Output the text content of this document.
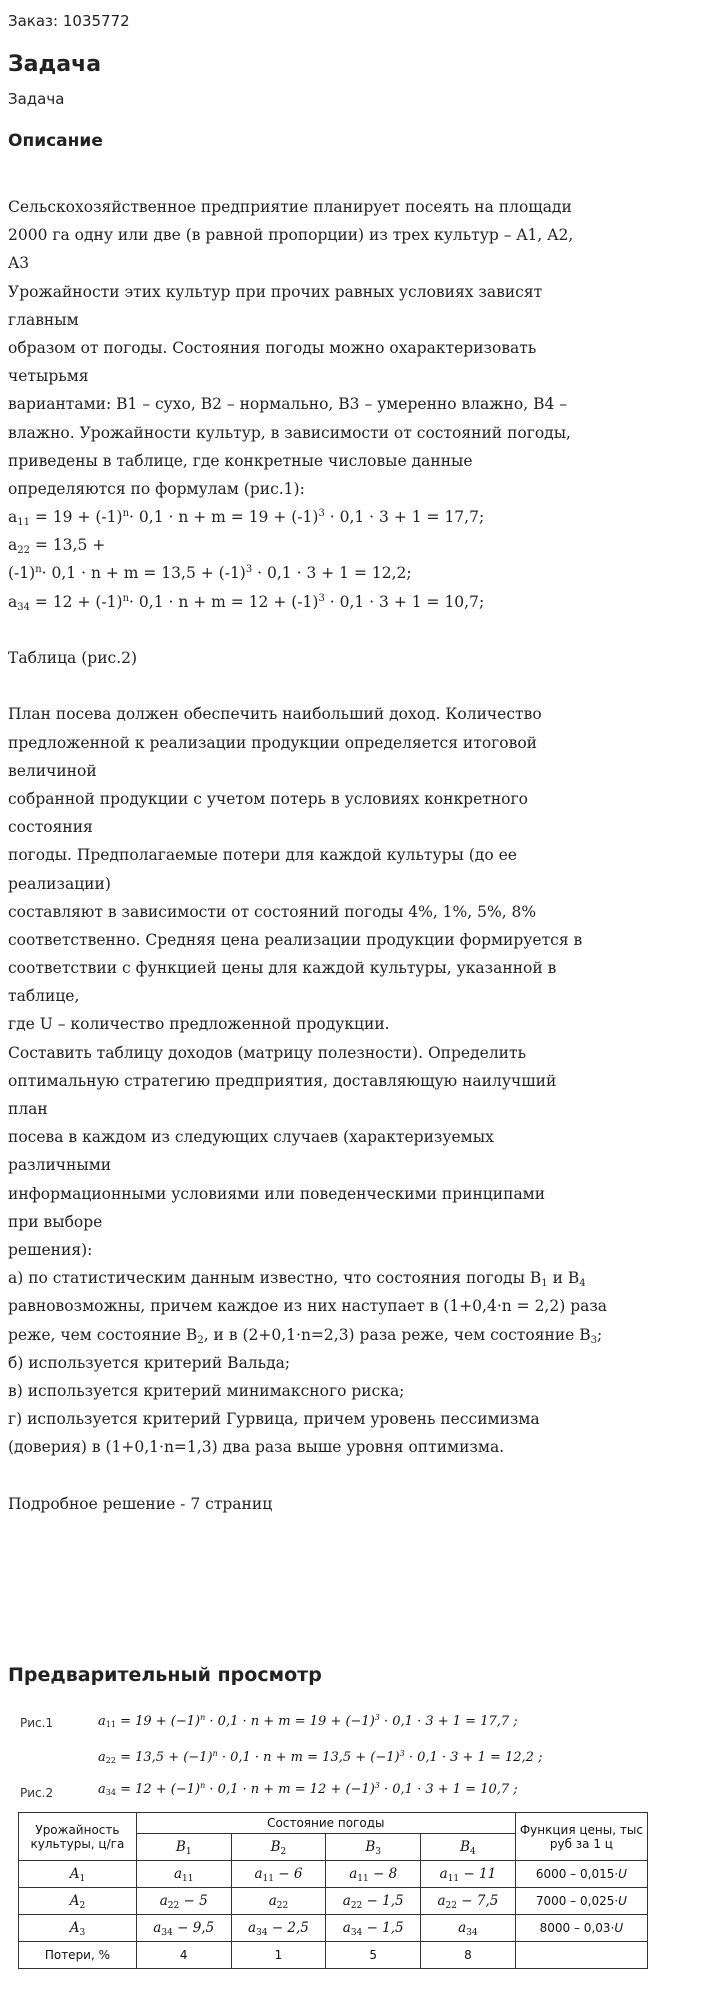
Заказ: 1035772
Задача
Задача
Описание
Сельскохозяйственное предприятие планирует посеять на площади
2000 га одну или две (в равной пропорции) из трех культур – A1, A2,
A3
Урожайности этих культур при прочих равных условиях зависят
главным
образом от погоды. Состояния погоды можно охарактеризовать
четырьмя
вариантами: B1 – сухо, B2 – нормально, B3 – умеренно влажно, B4 –
влажно. Урожайности культур, в зависимости от состояний погоды,
приведены в таблице, где конкретные числовые данные
определяются по формулам (рис.1):
$a_{11} = 19 + (-1)^n\cdot 0,1 \cdot n + m = 19 + (-1)^3 \cdot 0,1 \cdot 3 + 1 = 17,7$;
$a_{22} = 13,5$ +
$(-1)^n\cdot 0,1 \cdot n + m = 13,5 + (-1)^3 \cdot 0,1 \cdot 3 + 1 = 12,2$;
$a_{34} = 12 + (-1)^n\cdot 0,1 \cdot n + m = 12 + (-1)^3 \cdot 0,1 \cdot 3 + 1 = 10,7$;
Таблица (рис.2)
План посева должен обеспечить наибольший доход. Количество
предложенной к реализации продукции определяется итоговой
величиной
собранной продукции с учетом потерь в условиях конкретного
состояния
погоды. Предполагаемые потери для каждой культуры (до ее
реализации)
составляют в зависимости от состояний погоды 4%, 1%, 5%, 8%
соответственно. Средняя цена реализации продукции формируется в
соответствии с функцией цены для каждой культуры, указанной в
таблице,
где U – количество предложенной продукции.
Составить таблицу доходов (матрицу полезности). Определить
оптимальную стратегию предприятия, доставляющую наилучший
план
посева в каждом из следующих случаев (характеризуемых
различными
информационными условиями или поведенческими принципами
при выборе
решения):
а) по статистическим данным известно, что состояния погоды $B_1$ и $B_4$
равновозможны, причем каждое из них наступает в (1+0,4·n = 2,2) раза
реже, чем состояние $B_2$, и в (2+0,1·n=2,3) раза реже, чем состояние $B_3$;
б) используется критерий Вальда;
в) используется критерий минимаксного риска;
г) используется критерий Гурвица, причем уровень пессимизма
(доверия) в (1+0,1·n=1,3) два раза выше уровня оптимизма.
Подробное решение - 7 страниц
Предварительный просмотр
Рис.1	$a_{11} = 19 + (-1)^n \cdot 0,1 \cdot n + m = 19 + (-1)^3 \cdot 0,1 \cdot 3 + 1 = 17,7$ ;
$a_{22} = 13,5 + (-1)^n \cdot 0,1 \cdot n + m = 13,5 + (-1)^3 \cdot 0,1 \cdot 3 + 1 = 12,2$ ;
Рис.2	$a_{34} = 12 + (-1)^n \cdot 0,1 \cdot n + m = 12 + (-1)^3 \cdot 0,1 \cdot 3 + 1 = 10,7$ ;
Урожайность культуры, ц/га	Состояние погоды				Функция цены, тыс руб за 1 ц
	$B_1$	$B_2$	$B_3$	$B_4$
$A_1$	$a_{11}$	$a_{11} - 6$	$a_{11} - 8$	$a_{11} - 11$	6000 – 0,015·U
$A_2$	$a_{22} - 5$	$a_{22}$	$a_{22} - 1,5$	$a_{22} - 7,5$	7000 – 0,025·U
$A_3$	$a_{34} - 9,5$	$a_{34} - 2,5$	$a_{34} - 1,5$	$a_{34}$	8000 – 0,03·U
Потери, %	4	1	5	8	
